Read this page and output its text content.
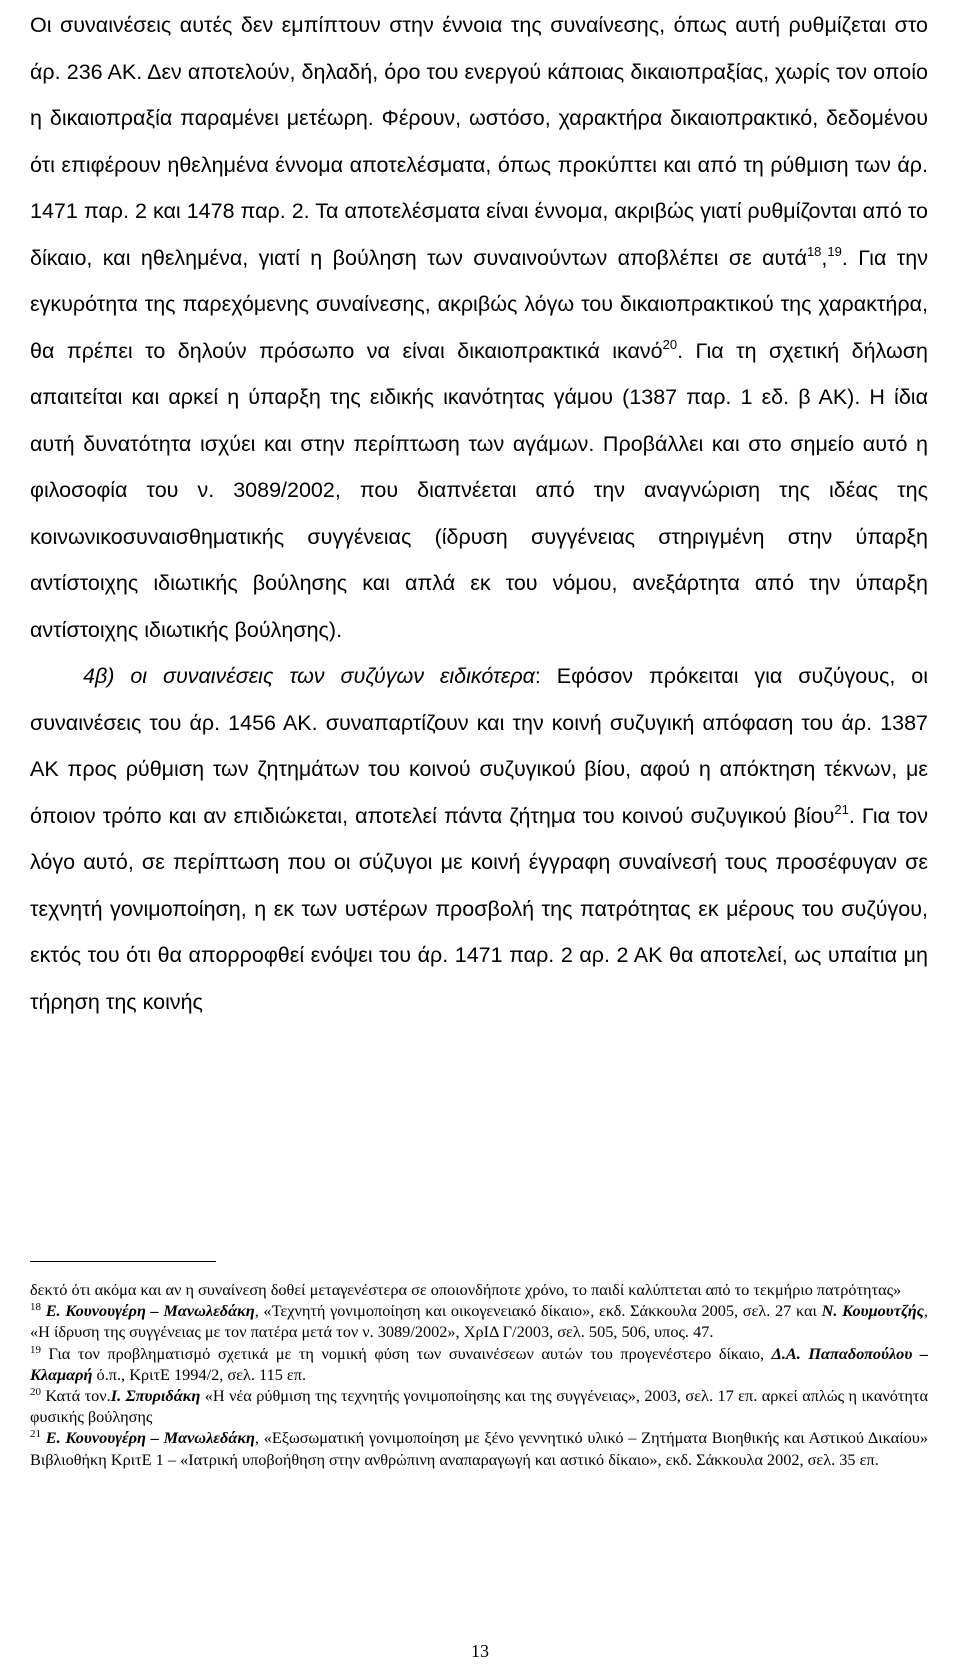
Οι συναινέσεις αυτές δεν εμπίπτουν στην έννοια της συναίνεσης, όπως αυτή ρυθμίζεται στο άρ. 236 ΑΚ. Δεν αποτελούν, δηλαδή, όρο του ενεργού κάποιας δικαιοπραξίας, χωρίς τον οποίο η δικαιοπραξία παραμένει μετέωρη. Φέρουν, ωστόσο, χαρακτήρα δικαιοπρακτικό, δεδομένου ότι επιφέρουν ηθελημένα έννομα αποτελέσματα, όπως προκύπτει και από τη ρύθμιση των άρ. 1471 παρ. 2 και 1478 παρ. 2. Τα αποτελέσματα είναι έννομα, ακριβώς γιατί ρυθμίζονται από το δίκαιο, και ηθελημένα, γιατί η βούληση των συναινούντων αποβλέπει σε αυτά$^{18}$,$^{19}$. Για την εγκυρότητα της παρεχόμενης συναίνεσης, ακριβώς λόγω του δικαιοπρακτικού της χαρακτήρα, θα πρέπει το δηλούν πρόσωπο να είναι δικαιοπρακτικά ικανό$^{20}$. Για τη σχετική δήλωση απαιτείται και αρκεί η ύπαρξη της ειδικής ικανότητας γάμου (1387 παρ. 1 εδ. β ΑΚ). Η ίδια αυτή δυνατότητα ισχύει και στην περίπτωση των αγάμων. Προβάλλει και στο σημείο αυτό η φιλοσοφία του ν. 3089/2002, που διαπνέεται από την αναγνώριση της ιδέας της κοινωνικοσυναισθηματικής συγγένειας (ίδρυση συγγένειας στηριγμένη στην ύπαρξη αντίστοιχης ιδιωτικής βούλησης και απλά εκ του νόμου, ανεξάρτητα από την ύπαρξη αντίστοιχης ιδιωτικής βούλησης).

4β) οι συναινέσεις των συζύγων ειδικότερα: Εφόσον πρόκειται για συζύγους, οι συναινέσεις του άρ. 1456 ΑΚ. συναπαρτίζουν και την κοινή συζυγική απόφαση του άρ. 1387 ΑΚ προς ρύθμιση των ζητημάτων του κοινού συζυγικού βίου, αφού η απόκτηση τέκνων, με όποιον τρόπο και αν επιδιώκεται, αποτελεί πάντα ζήτημα του κοινού συζυγικού βίου$^{21}$. Για τον λόγο αυτό, σε περίπτωση που οι σύζυγοι με κοινή έγγραφη συναίνεσή τους προσέφυγαν σε τεχνητή γονιμοποίηση, η εκ των υστέρων προσβολή της πατρότητας εκ μέρους του συζύγου, εκτός του ότι θα απορροφθεί ενόψει του άρ. 1471 παρ. 2 αρ. 2 ΑΚ θα αποτελεί, ως υπαίτια μη τήρηση της κοινής

δεκτό ότι ακόμα και αν η συναίνεση δοθεί μεταγενέστερα σε οποιονδήποτε χρόνο, το παιδί καλύπτεται από το τεκμήριο πατρότητας»

$^{18}$ Ε. Κουνουγέρη – Μανωλεδάκη, «Τεχνητή γονιμοποίηση και οικογενειακό δίκαιο», εκδ. Σάκκουλα 2005, σελ. 27 και Ν. Κουμουτζής, «Η ίδρυση της συγγένειας με τον πατέρα μετά τον ν. 3089/2002», ΧρΙΔ Γ/2003, σελ. 505, 506, υπος. 47.

$^{19}$ Για τον προβληματισμό σχετικά με τη νομική φύση των συναινέσεων αυτών του προγενέστερο δίκαιο, Δ.Α. Παπαδοπούλου – Κλαμαρή ό.π., ΚριτΕ 1994/2, σελ. 115 επ.

$^{20}$ Κατά τον.Ι. Σπυριδάκη «Η νέα ρύθμιση της τεχνητής γονιμοποίησης και της συγγένειας», 2003, σελ. 17 επ. αρκεί απλώς η ικανότητα φυσικής βούλησης

$^{21}$ Ε. Κουνουγέρη – Μανωλεδάκη, «Εξωσωματική γονιμοποίηση με ξένο γεννητικό υλικό – Ζητήματα Βιοηθικής και Αστικού Δικαίου» Βιβλιοθήκη ΚριτΕ 1 – «Ιατρική υποβοήθηση στην ανθρώπινη αναπαραγωγή και αστικό δίκαιο», εκδ. Σάκκουλα 2002, σελ. 35 επ.

13
